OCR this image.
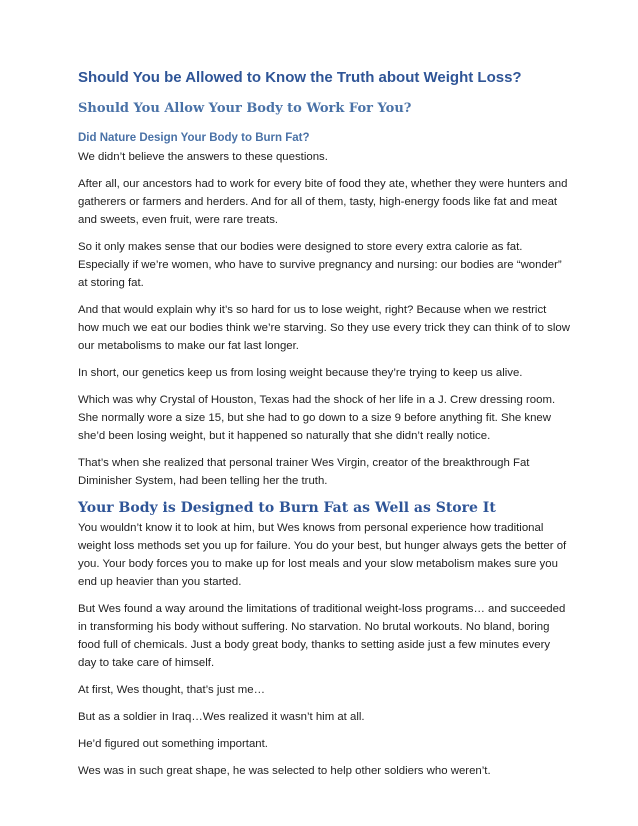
Should You be Allowed to Know the Truth about Weight Loss?
Should You Allow Your Body to Work For You?
Did Nature Design Your Body to Burn Fat?

We didn’t believe the answers to these questions.

After all, our ancestors had to work for every bite of food they ate, whether they were hunters and gatherers or farmers and herders. And for all of them, tasty, high-energy foods like fat and meat and sweets, even fruit, were rare treats.

So it only makes sense that our bodies were designed to store every extra calorie as fat. Especially if we’re women, who have to survive pregnancy and nursing: our bodies are “wonder” at storing fat.

And that would explain why it’s so hard for us to lose weight, right? Because when we restrict how much we eat our bodies think we’re starving. So they use every trick they can think of to slow our metabolisms to make our fat last longer.

In short, our genetics keep us from losing weight because they’re trying to keep us alive.

Which was why Crystal of Houston, Texas had the shock of her life in a J. Crew dressing room. She normally wore a size 15, but she had to go down to a size 9 before anything fit. She knew she’d been losing weight, but it happened so naturally that she didn’t really notice.

That’s when she realized that personal trainer Wes Virgin, creator of the breakthrough Fat Diminisher System, had been telling her the truth.

Your Body is Designed to Burn Fat as Well as Store It

You wouldn’t know it to look at him, but Wes knows from personal experience how traditional weight loss methods set you up for failure. You do your best, but hunger always gets the better of you. Your body forces you to make up for lost meals and your slow metabolism makes sure you end up heavier than you started.

But Wes found a way around the limitations of traditional weight-loss programs… and succeeded in transforming his body without suffering. No starvation. No brutal workouts. No bland, boring food full of chemicals. Just a body great body, thanks to setting aside just a few minutes every day to take care of himself.

At first, Wes thought, that’s just me…

But as a soldier in Iraq…Wes realized it wasn’t him at all.

He’d figured out something important.

Wes was in such great shape, he was selected to help other soldiers who weren’t.
